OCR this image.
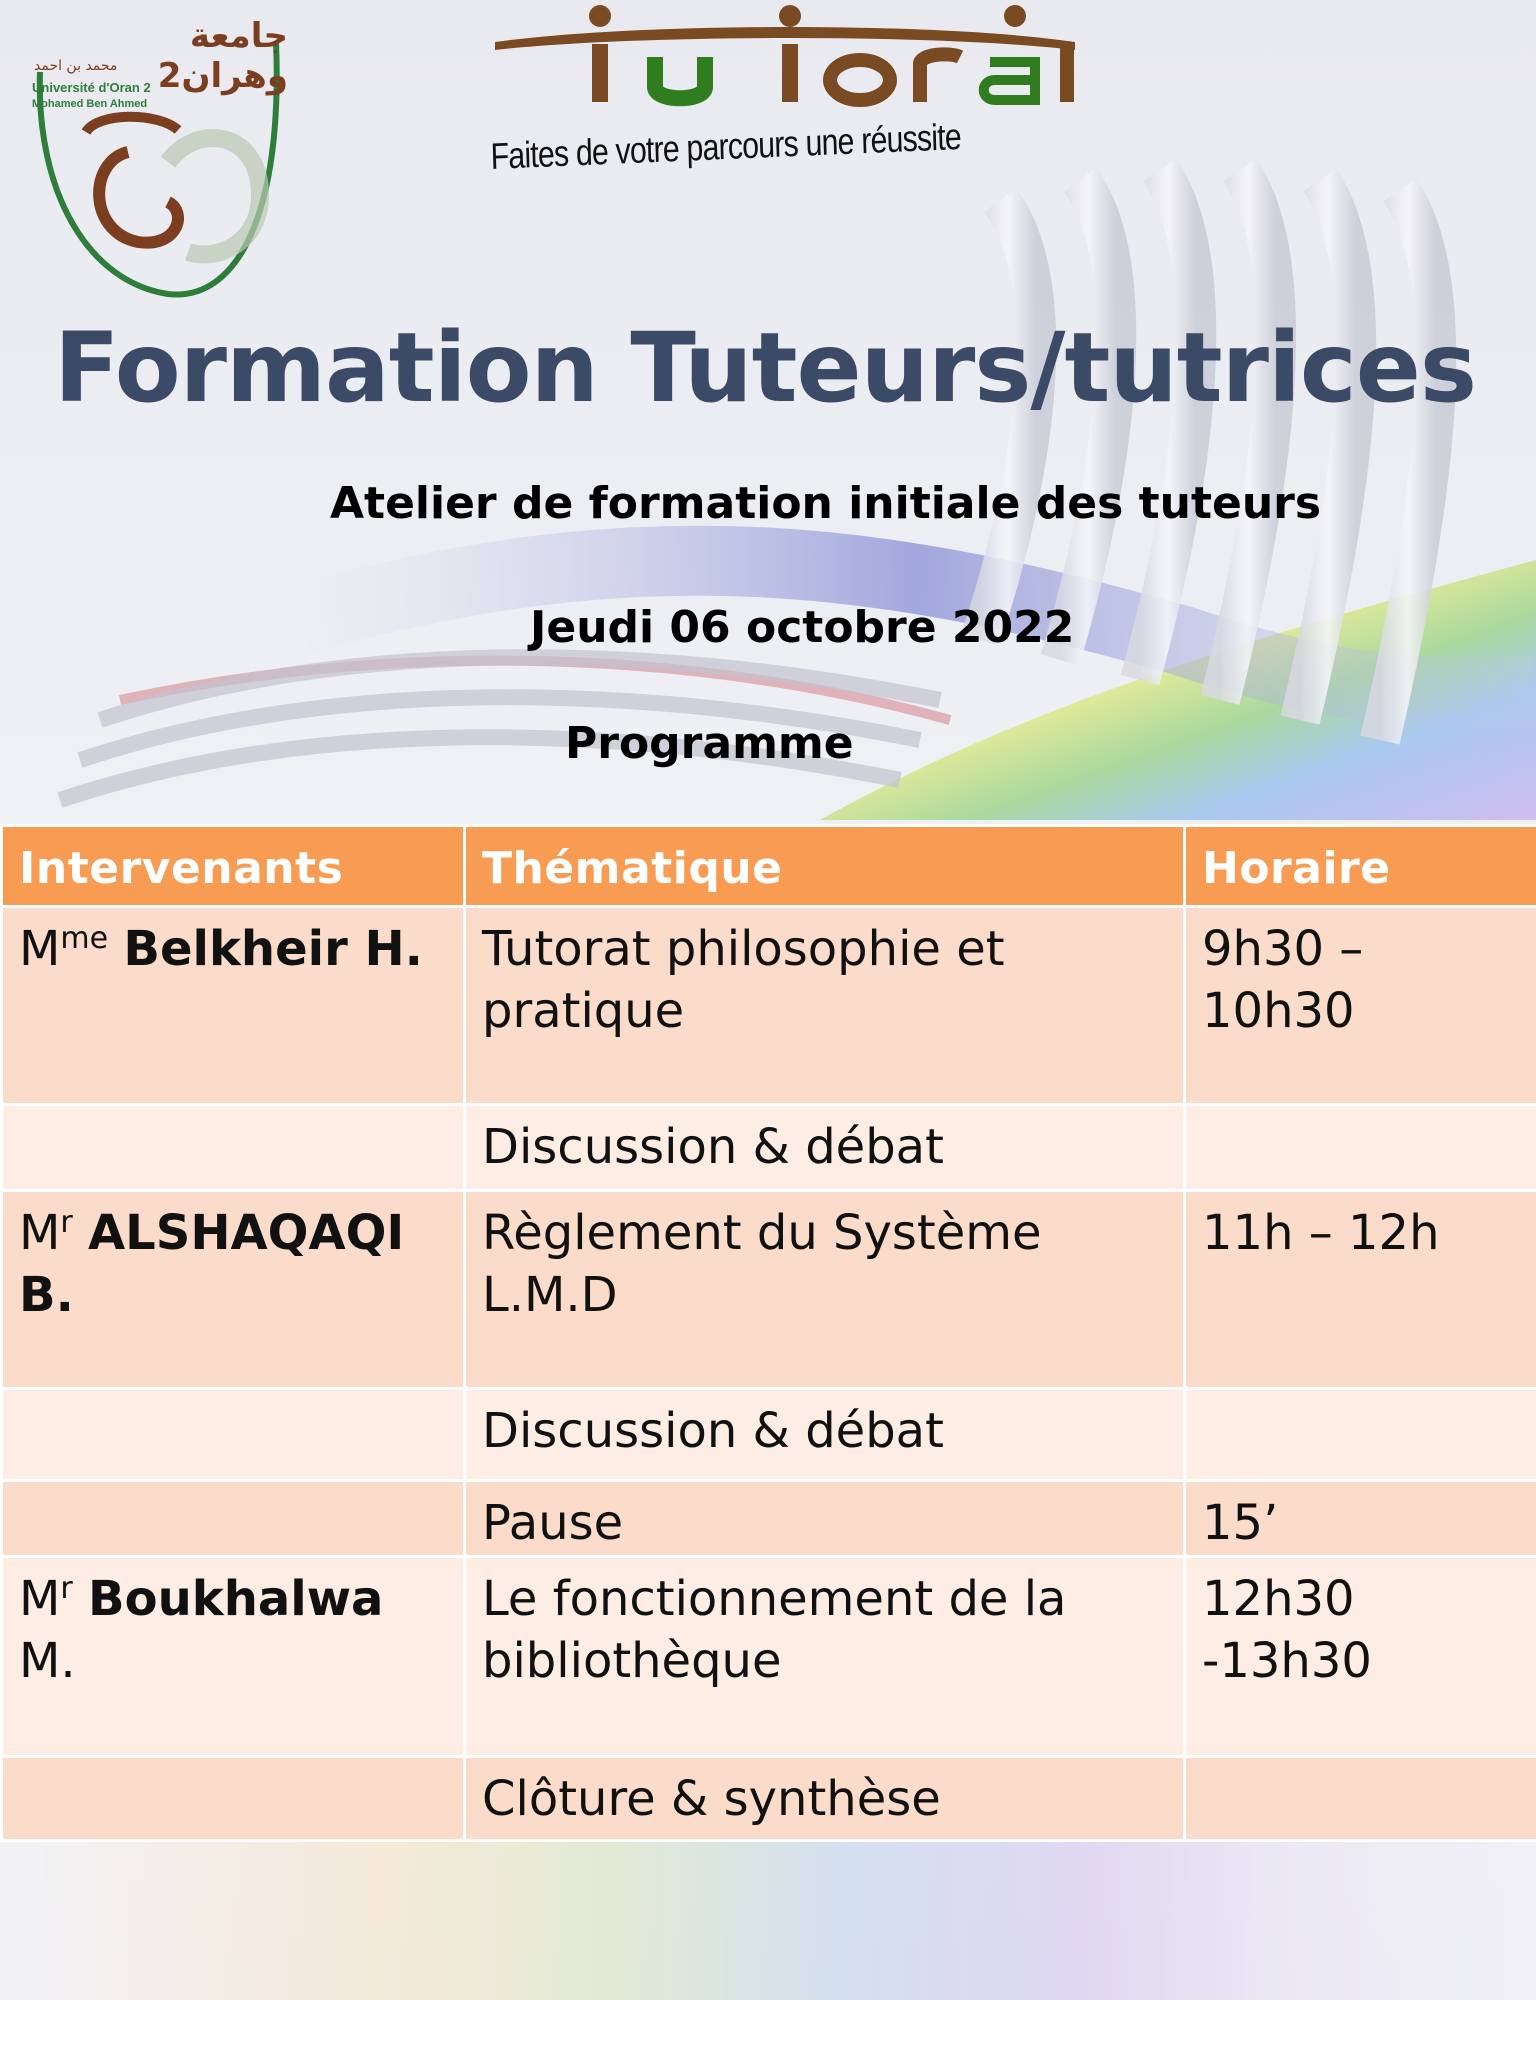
جامعة وهران2
محمد بن احمد
Université d'Oran 2
Mohamed Ben Ahmed
Faites de votre parcours une réussite
Formation Tuteurs/tutrices
Atelier de formation initiale des tuteurs
Jeudi 06 octobre 2022
Programme
Intervenants	Thématique	Horaire
$M^{me}$ Belkheir H.	Tutorat philosophie et pratique	9h30 – 10h30
	Discussion & débat	
$M^r$ ALSHAQAQI B.	Règlement du Système L.M.D	11h – 12h
	Discussion & débat	
	Pause	15’
$M^r$ Boukhalwa M.	Le fonctionnement de la bibliothèque	12h30 -13h30
	Clôture & synthèse	
